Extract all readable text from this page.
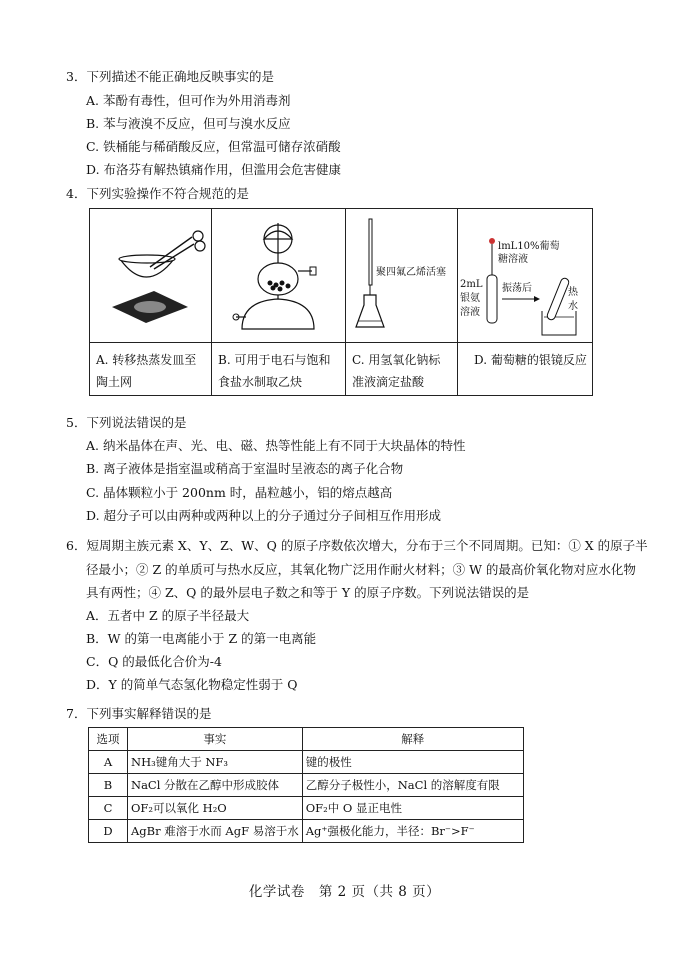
3．下列描述不能正确地反映事实的是
A. 苯酚有毒性，但可作为外用消毒剂
B. 苯与液溴不反应，但可与溴水反应
C. 铁桶能与稀硝酸反应，但常温可储存浓硝酸
D. 布洛芬有解热镇痛作用，但滥用会危害健康
4．下列实验操作不符合规范的是
聚四氟乙烯活塞
lmL10%葡萄
糖溶液
2mL
银氨
溶液
振荡后	热
水
A. 转移热蒸发皿至陶土网
B. 可用于电石与饱和食盐水制取乙炔
C. 用氢氧化钠标准液滴定盐酸
D. 葡萄糖的银镜反应
5．下列说法错误的是
A. 纳米晶体在声、光、电、磁、热等性能上有不同于大块晶体的特性
B. 离子液体是指室温或稍高于室温时呈液态的离子化合物
C. 晶体颗粒小于 200nm 时，晶粒越小，铝的熔点越高
D. 超分子可以由两种或两种以上的分子通过分子间相互作用形成
6．短周期主族元素 X、Y、Z、W、Q 的原子序数依次增大，分布于三个不同周期。已知：① X 的原子半
径最小；② Z 的单质可与热水反应，其氧化物广泛用作耐火材料；③ W 的最高价氧化物对应水化物
具有两性；④ Z、Q 的最外层电子数之和等于 Y 的原子序数。下列说法错误的是
A．五者中 Z 的原子半径最大
B．W 的第一电离能小于 Z 的第一电离能
C．Q 的最低化合价为-4
D．Y 的简单气态氢化物稳定性弱于 Q
7．下列事实解释错误的是
选项	事实	解释
A	NH₃键角大于 NF₃	键的极性
B	NaCl 分散在乙醇中形成胶体	乙醇分子极性小，NaCl 的溶解度有限
C	OF₂可以氧化 H₂O	OF₂中 O 显正电性
D	AgBr 难溶于水而 AgF 易溶于水	Ag⁺强极化能力，半径：Br⁻>F⁻
化学试卷　第 2 页（共 8 页）
